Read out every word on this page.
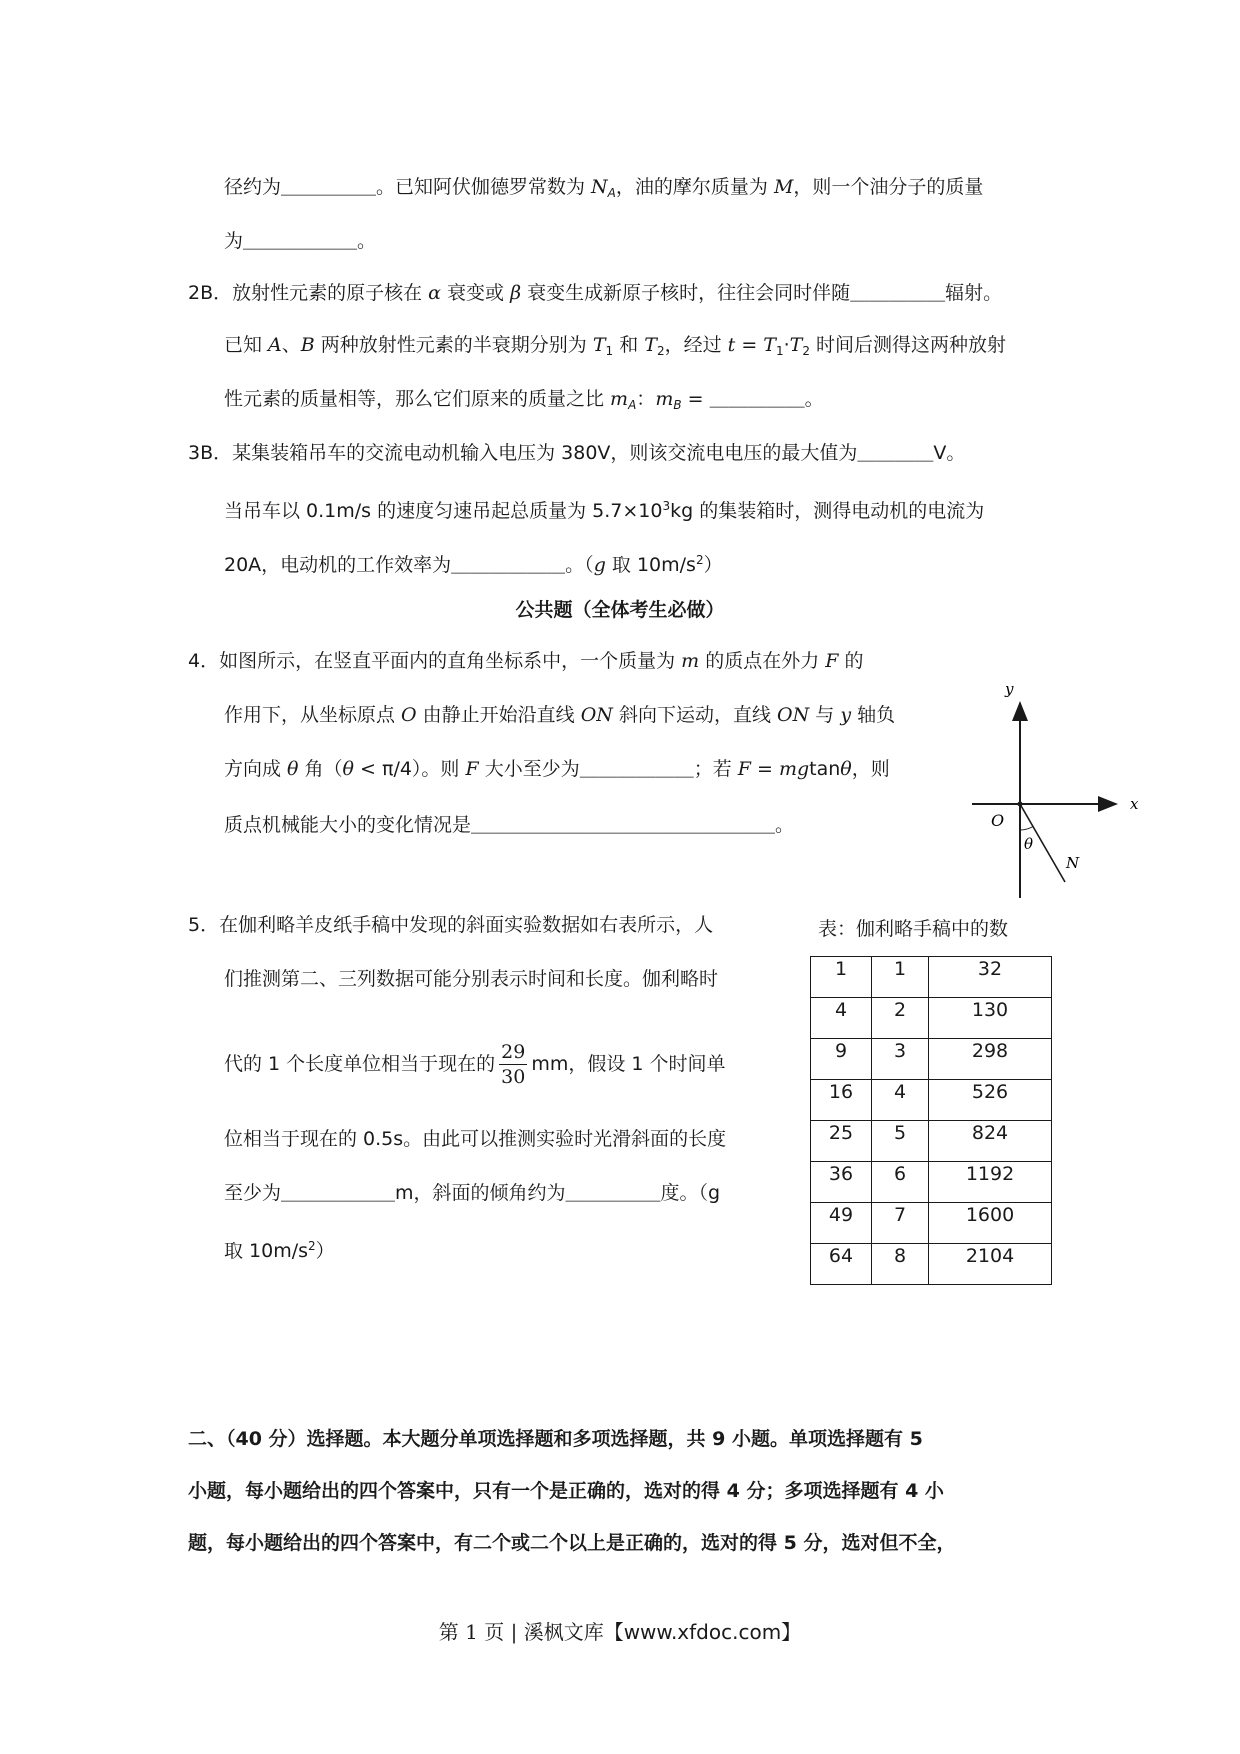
径约为＿＿＿＿＿。已知阿伏伽德罗常数为 $N_A$，油的摩尔质量为 M，则一个油分子的质量
为＿＿＿＿＿＿。
2B．放射性元素的原子核在 α 衰变或 β 衰变生成新原子核时，往往会同时伴随＿＿＿＿＿辐射。
已知 A、B 两种放射性元素的半衰期分别为 $T_1$ 和 $T_2$，经过 $t = T_1\cdot T_2$ 时间后测得这两种放射
性元素的质量相等，那么它们原来的质量之比 $m_A$：$m_B$ = ＿＿＿＿＿。
3B．某集装箱吊车的交流电动机输入电压为 380V，则该交流电电压的最大值为＿＿＿＿V。
当吊车以 0.1m/s 的速度匀速吊起总质量为 $5.7\times 10^3kg$ 的集装箱时，测得电动机的电流为
20A，电动机的工作效率为＿＿＿＿＿＿。（g 取 $10m/s^2$）
公共题（全体考生必做）
4．如图所示，在竖直平面内的直角坐标系中，一个质量为 m 的质点在外力 F 的
作用下，从坐标原点 O 由静止开始沿直线 ON 斜向下运动，直线 ON 与 y 轴负
方向成 θ 角（θ < π/4）。则 F 大小至少为＿＿＿＿＿＿；若 F = mgtanθ，则
质点机械能大小的变化情况是＿＿＿＿＿＿＿＿＿＿＿＿＿＿＿＿。
y
x
O
θ
N
5．在伽利略羊皮纸手稿中发现的斜面实验数据如右表所示，人
们推测第二、三列数据可能分别表示时间和长度。伽利略时
代的 1 个长度单位相当于现在的 $\frac{29}{30}$ mm，假设 1 个时间单
位相当于现在的 0.5s。由此可以推测实验时光滑斜面的长度
至少为＿＿＿＿＿＿m，斜面的倾角约为＿＿＿＿＿度。（g
取 $10m/s^2$）
表：伽利略手稿中的数
1	1	32
4	2	130
9	3	298
16	4	526
25	5	824
36	6	1192
49	7	1600
64	8	2104
二、（40 分）选择题。本大题分单项选择题和多项选择题，共 9 小题。单项选择题有 5
小题，每小题给出的四个答案中，只有一个是正确的，选对的得 4 分；多项选择题有 4 小
题，每小题给出的四个答案中，有二个或二个以上是正确的，选对的得 5 分，选对但不全，
第 1 页 | 溪枫文库【www.xfdoc.com】
